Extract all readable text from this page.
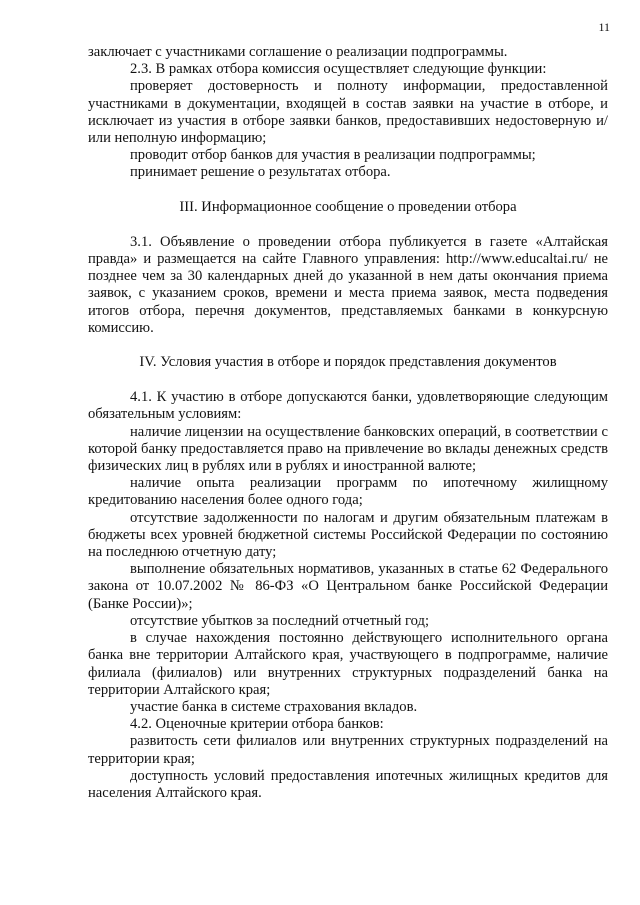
11

заключает с участниками соглашение о реализации подпрограммы.

2.3. В рамках отбора комиссия осуществляет следующие функции:

проверяет достоверность и полноту информации, предоставленной участниками в документации, входящей в состав заявки на участие в отборе, и исключает из участия в отборе заявки банков, предоставивших недостоверную и/или неполную информацию;

проводит отбор банков для участия в реализации подпрограммы;

принимает решение о результатах отбора.

III. Информационное сообщение о проведении отбора

3.1. Объявление о проведении отбора публикуется в газете «Алтайская правда» и размещается на сайте Главного управления: http://www.educaltai.ru/ не позднее чем за 30 календарных дней до указанной в нем даты окончания приема заявок, с указанием сроков, времени и места приема заявок, места подведения итогов отбора, перечня документов, представляемых банками в конкурсную комиссию.

IV. Условия участия в отборе и порядок представления документов

4.1. К участию в отборе допускаются банки, удовлетворяющие следующим обязательным условиям:

наличие лицензии на осуществление банковских операций, в соответствии с которой банку предоставляется право на привлечение во вклады денежных средств физических лиц в рублях или в рублях и иностранной валюте;

наличие опыта реализации программ по ипотечному жилищному кредитованию населения более одного года;

отсутствие задолженности по налогам и другим обязательным платежам в бюджеты всех уровней бюджетной системы Российской Федерации по состоянию на последнюю отчетную дату;

выполнение обязательных нормативов, указанных в статье 62 Федерального закона от 10.07.2002 № 86-ФЗ «О Центральном банке Российской Федерации (Банке России)»;

отсутствие убытков за последний отчетный год;

в случае нахождения постоянно действующего исполнительного органа банка вне территории Алтайского края, участвующего в подпрограмме, наличие филиала (филиалов) или внутренних структурных подразделений банка на территории Алтайского края;

участие банка в системе страхования вкладов.

4.2. Оценочные критерии отбора банков:

развитость сети филиалов или внутренних структурных подразделений на территории края;

доступность условий предоставления ипотечных жилищных кредитов для населения Алтайского края.
